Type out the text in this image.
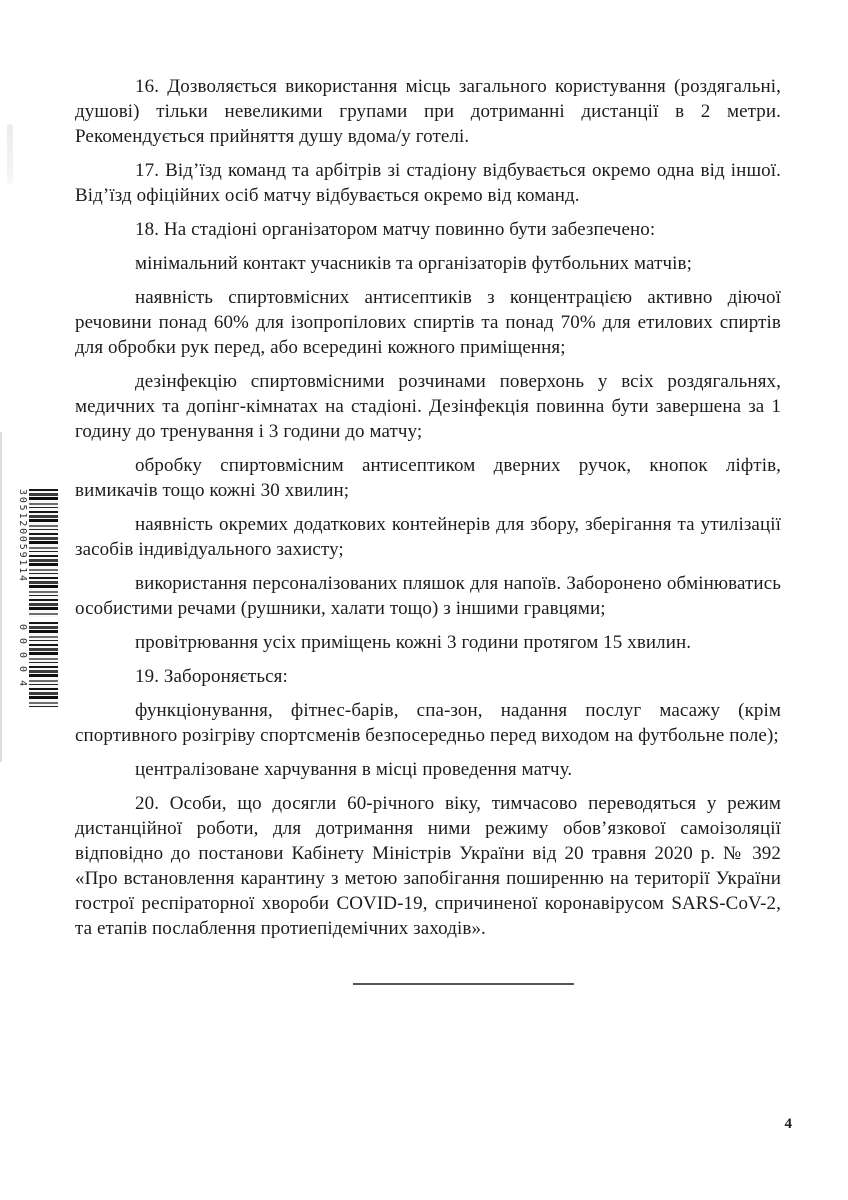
305120059114
00004

16. Дозволяється використання місць загального користування (роздягальні, душові) тільки невеликими групами при дотриманні дистанції в 2 метри. Рекомендується прийняття душу вдома/у готелі.

17. Від’їзд команд та арбітрів зі стадіону відбувається окремо одна від іншої. Від’їзд офіційних осіб матчу відбувається окремо від команд.

18. На стадіоні організатором матчу повинно бути забезпечено:

мінімальний контакт учасників та організаторів футбольних матчів;

наявність спиртовмісних антисептиків з концентрацією активно діючої речовини понад 60% для ізопропілових спиртів та понад 70% для етилових спиртів для обробки рук перед, або всередині кожного приміщення;

дезінфекцію спиртовмісними розчинами поверхонь у всіх роздягальнях, медичних та допінг-кімнатах на стадіоні. Дезінфекція повинна бути завершена за 1 годину до тренування і 3 години до матчу;

обробку спиртовмісним антисептиком дверних ручок, кнопок ліфтів, вимикачів тощо кожні 30 хвилин;

наявність окремих додаткових контейнерів для збору, зберігання та утилізації засобів індивідуального захисту;

використання персоналізованих пляшок для напоїв. Заборонено обмінюватись особистими речами (рушники, халати тощо) з іншими гравцями;

провітрювання усіх приміщень кожні 3 години протягом 15 хвилин.

19. Забороняється:

функціонування, фітнес-барів, спа-зон, надання послуг масажу (крім спортивного розігріву спортсменів безпосередньо перед виходом на футбольне поле);

централізоване харчування в місці проведення матчу.

20. Особи, що досягли 60-річного віку, тимчасово переводяться у режим дистанційної роботи, для дотримання ними режиму обов’язкової самоізоляції відповідно до постанови Кабінету Міністрів України від 20 травня 2020 р. № 392 «Про встановлення карантину з метою запобігання поширенню на території України гострої респіраторної хвороби COVID-19, спричиненої коронавірусом SARS-CoV-2, та етапів послаблення протиепідемічних заходів».

4
